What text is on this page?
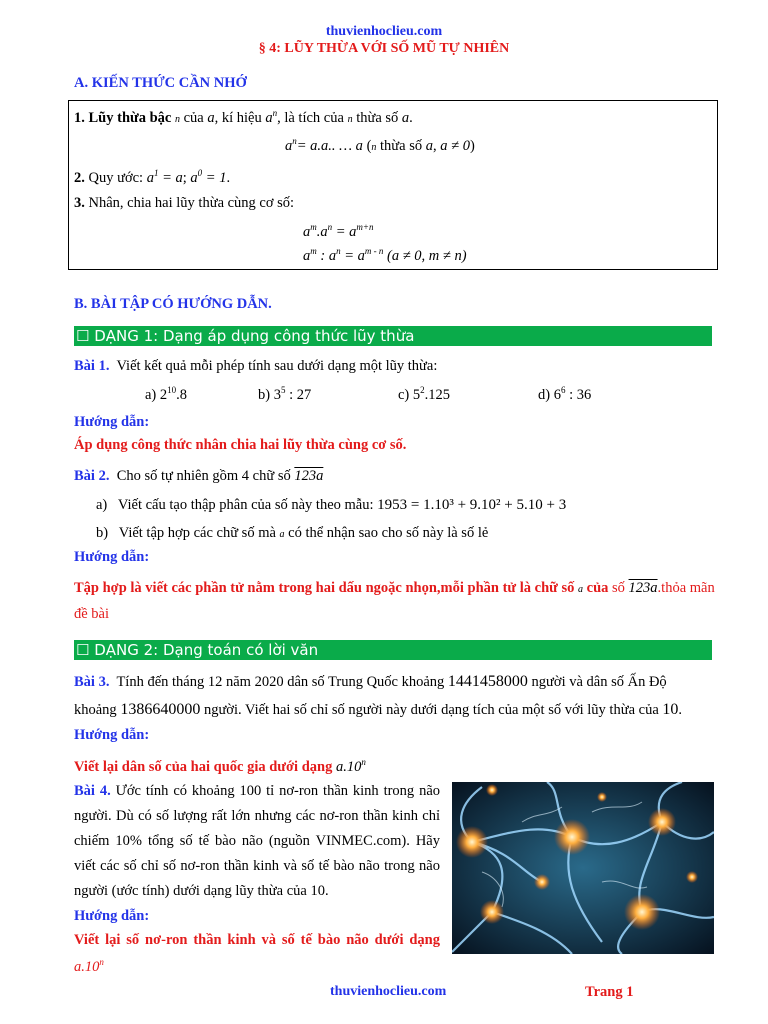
thuvienhoclieu.com
§ 4: LŨY THỪA VỚI SỐ MŨ TỰ NHIÊN
A. KIẾN THỨC CẦN NHỚ
1. Lũy thừa bậc n của a, kí hiệu $a^n$, là tích của n thừa số a.
$a^n= a.a$.. … a (n thừa số a, a ≠ 0)
2. Quy ước: $a^1 = a$; $a^0 = 1$.
3. Nhân, chia hai lũy thừa cùng cơ số:
$a^m.a^n = a^{m+n}$
$a^m$ : $a^n = a^{m - n}$ (a ≠ 0, m ≠ n)
B. BÀI TẬP CÓ HƯỚNG DẪN.
☐ DẠNG 1: Dạng áp dụng công thức lũy thừa
Bài 1. Viết kết quả mỗi phép tính sau dưới dạng một lũy thừa:
a) $2^{10}.8$	b) $3^5$ : 27	c) $5^2.125$	d) $6^6$ : 36
Hướng dẫn:
Áp dụng công thức nhân chia hai lũy thừa cùng cơ số.
Bài 2. Cho số tự nhiên gồm 4 chữ số 123a
a) Viết cấu tạo thập phân của số này theo mẫu: 1953 = 1.10³ + 9.10² + 5.10 + 3
b) Viết tập hợp các chữ số mà a có thể nhận sao cho số này là số lẻ
Hướng dẫn:
Tập hợp là viết các phần tử nằm trong hai dấu ngoặc nhọn,mỗi phần tử là chữ số a của số 123a.thỏa mãn
đề bài
☐ DẠNG 2: Dạng toán có lời văn
Bài 3. Tính đến tháng 12 năm 2020 dân số Trung Quốc khoảng 1441458000 người và dân số Ấn Độ
khoảng 1386640000 người. Viết hai số chỉ số người này dưới dạng tích của một số với lũy thừa của 10.
Hướng dẫn:
Viết lại dân số của hai quốc gia dưới dạng a.10$^n$
Bài 4. Ước tính có khoảng 100 tỉ nơ-ron thần kinh trong não
người. Dù có số lượng rất lớn nhưng các nơ-ron thần kinh chỉ
chiếm 10% tổng số tế bào não (nguồn VINMEC.com). Hãy
viết các số chỉ số nơ-ron thần kinh và số tế bào não trong não
người (ước tính) dưới dạng lũy thừa của 10.
Hướng dẫn:
Viết lại số nơ-ron thần kinh và số tế bào não dưới dạng
a.10$^n$
thuvienhoclieu.com	Trang 1
